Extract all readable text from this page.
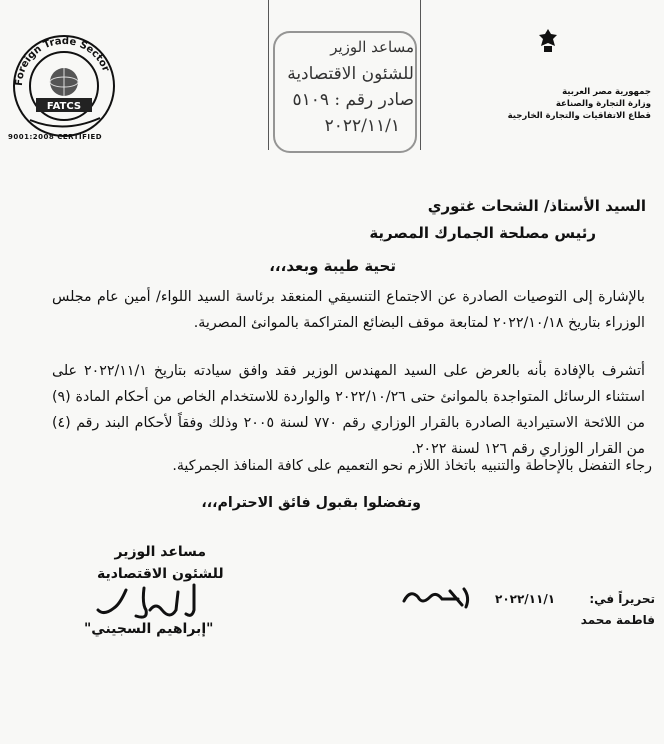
Foreign Trade Sector
FATCS
9001:2008 CERTIFIED
مساعد الوزير
للشئون الاقتصادية
صادر رقم : ٥١٠٩
٢٠٢٢/١١/١
جمهورية مصر العربية
وزارة التجارة والصناعة
قطاع الاتفاقيات والتجارة الخارجية
السيد الأستاذ/ الشحات غتوري
رئيس مصلحة الجمارك المصرية
تحية طيبة وبعد،،،

بالإشارة إلى التوصيات الصادرة عن الاجتماع التنسيقي المنعقد برئاسة السيد اللواء/ أمين عام مجلس الوزراء بتاريخ ٢٠٢٢/١٠/١٨ لمتابعة موقف البضائع المتراكمة بالموانئ المصرية.

أتشرف بالإفادة بأنه بالعرض على السيد المهندس الوزير فقد وافق سيادته بتاريخ ٢٠٢٢/١١/١ على استثناء الرسائل المتواجدة بالموانئ حتى ٢٠٢٢/١٠/٢٦ والواردة للاستخدام الخاص من أحكام المادة (٩) من اللائحة الاستيرادية الصادرة بالقرار الوزاري رقم ٧٧٠ لسنة ٢٠٠٥ وذلك وفقاً لأحكام البند رقم (٤) من القرار الوزاري رقم ١٢٦ لسنة ٢٠٢٢.

رجاء التفضل بالإحاطة والتنبيه باتخاذ اللازم نحو التعميم على كافة المنافذ الجمركية.
وتفضلوا بقبول فائق الاحترام،،،
مساعد الوزير
للشئون الاقتصادية
"إبراهيم السجيني"
تحريراً في:
٢٠٢٢/١١/١
فاطمة محمد
